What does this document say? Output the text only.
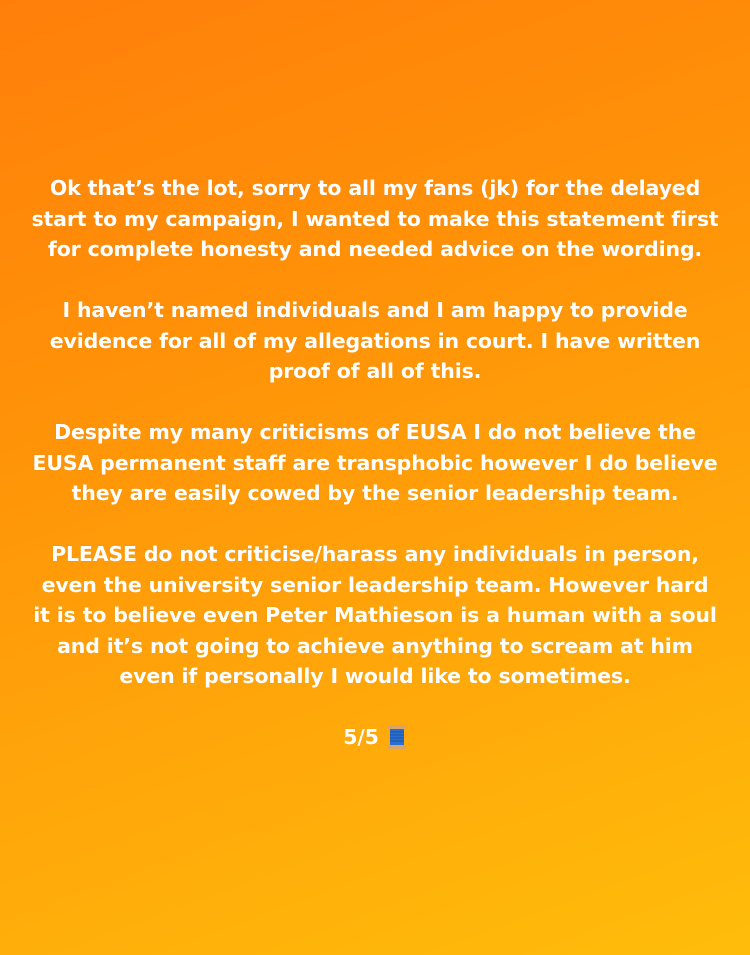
Ok that’s the lot, sorry to all my fans (jk) for the delayed start to my campaign, I wanted to make this statement first for complete honesty and needed advice on the wording.

I haven’t named individuals and I am happy to provide evidence for all of my allegations in court. I have written proof of all of this.

Despite my many criticisms of EUSA I do not believe the EUSA permanent staff are transphobic however I do believe they are easily cowed by the senior leadership team.

PLEASE do not criticise/harass any individuals in person, even the university senior leadership team. However hard it is to believe even Peter Mathieson is a human with a soul and it’s not going to achieve anything to scream at him even if personally I would like to sometimes.

5/5
